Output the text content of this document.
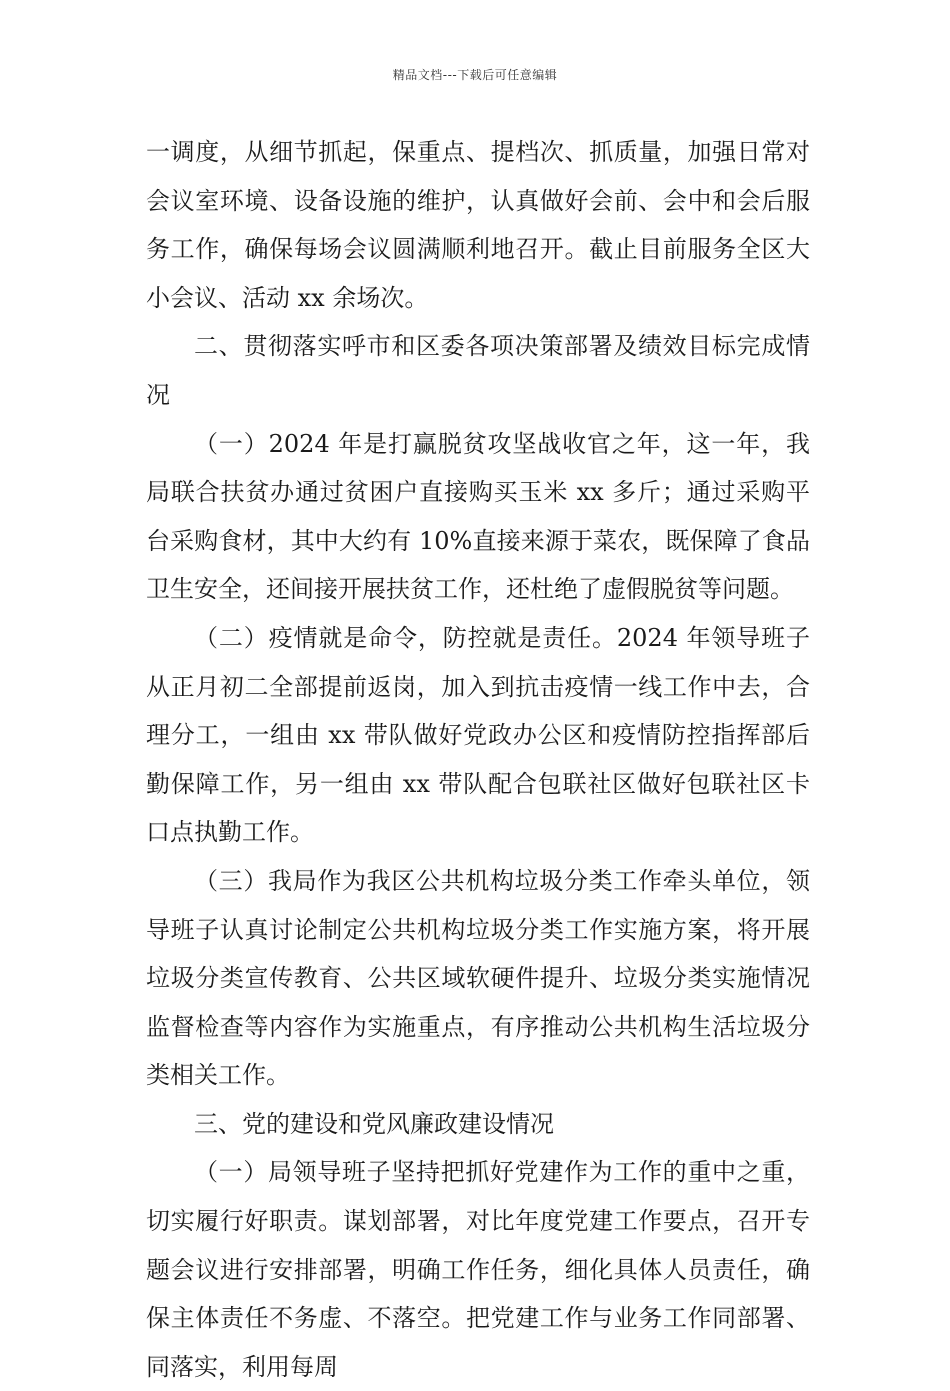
精品文档---下载后可任意编辑

一调度，从细节抓起，保重点、提档次、抓质量，加强日常对会议室环境、设备设施的维护，认真做好会前、会中和会后服务工作，确保每场会议圆满顺利地召开。截止目前服务全区大小会议、活动 xx 余场次。

二、贯彻落实呼市和区委各项决策部署及绩效目标完成情况

（一）2024 年是打赢脱贫攻坚战收官之年，这一年，我局联合扶贫办通过贫困户直接购买玉米 xx 多斤；通过采购平台采购食材，其中大约有 10%直接来源于菜农，既保障了食品卫生安全，还间接开展扶贫工作，还杜绝了虚假脱贫等问题。

（二）疫情就是命令，防控就是责任。2024 年领导班子从正月初二全部提前返岗，加入到抗击疫情一线工作中去，合理分工，一组由 xx 带队做好党政办公区和疫情防控指挥部后勤保障工作，另一组由 xx 带队配合包联社区做好包联社区卡口点执勤工作。

（三）我局作为我区公共机构垃圾分类工作牵头单位，领导班子认真讨论制定公共机构垃圾分类工作实施方案，将开展垃圾分类宣传教育、公共区域软硬件提升、垃圾分类实施情况监督检查等内容作为实施重点，有序推动公共机构生活垃圾分类相关工作。

三、党的建设和党风廉政建设情况

（一）局领导班子坚持把抓好党建作为工作的重中之重，切实履行好职责。谋划部署，对比年度党建工作要点，召开专题会议进行安排部署，明确工作任务，细化具体人员责任，确保主体责任不务虚、不落空。把党建工作与业务工作同部署、同落实，利用每周
